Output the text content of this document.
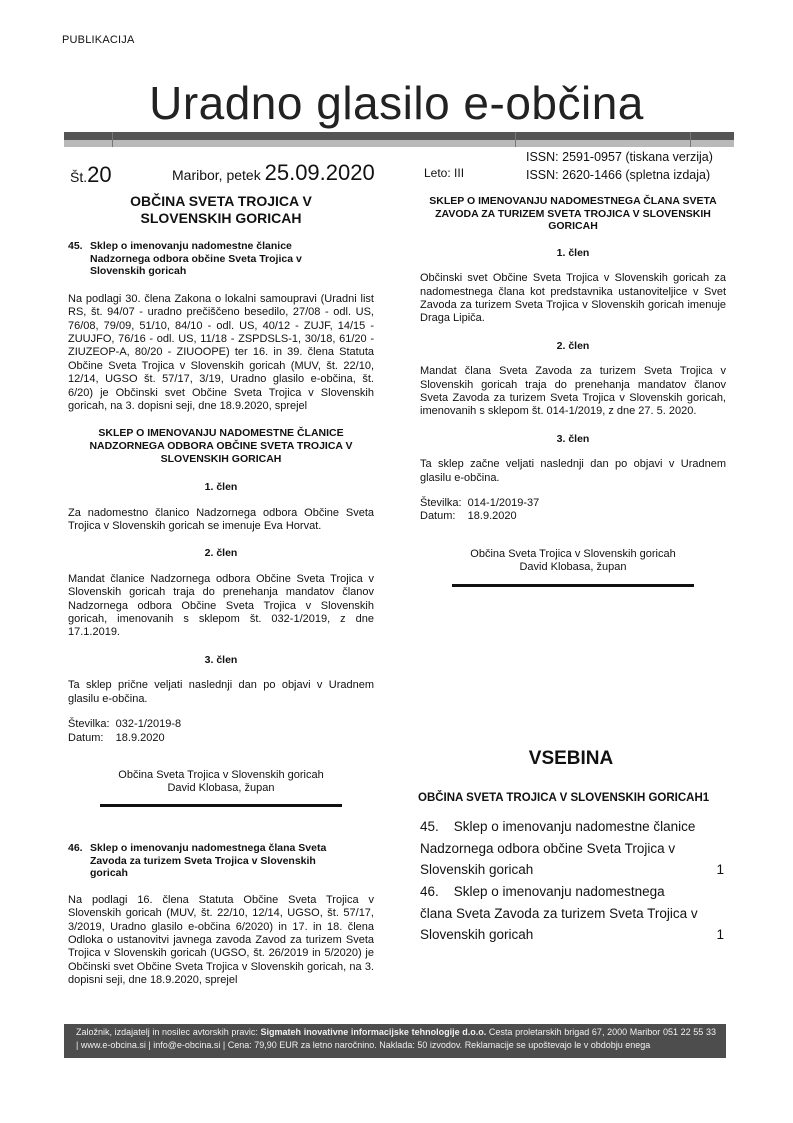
PUBLIKACIJA
Uradno glasilo e-občina
Št.20	Maribor, petek 25.09.2020	Leto: III
ISSN: 2591-0957 (tiskana verzija)
ISSN: 2620-1466 (spletna izdaja)
OBČINA SVETA TROJICA V SLOVENSKIH GORICAH
45. Sklep o imenovanju nadomestne članice Nadzornega odbora občine Sveta Trojica v Slovenskih goricah

Na podlagi 30. člena Zakona o lokalni samoupravi (Uradni list RS, št. 94/07 - uradno prečiščeno besedilo, 27/08 - odl. US, 76/08, 79/09, 51/10, 84/10 - odl. US, 40/12 - ZUJF, 14/15 - ZUUJFO, 76/16 - odl. US, 11/18 - ZSPDSLS-1, 30/18, 61/20 - ZIUZEOP-A, 80/20 - ZIUOOPE) ter 16. in 39. člena Statuta Občine Sveta Trojica v Slovenskih goricah (MUV, št. 22/10, 12/14, UGSO št. 57/17, 3/19, Uradno glasilo e-občina, št. 6/20) je Občinski svet Občine Sveta Trojica v Slovenskih goricah, na 3. dopisni seji, dne 18.9.2020, sprejel

SKLEP O IMENOVANJU NADOMESTNE ČLANICE NADZORNEGA ODBORA OBČINE SVETA TROJICA V SLOVENSKIH GORICAH
1. člen

Za nadomestno članico Nadzornega odbora Občine Sveta Trojica v Slovenskih goricah se imenuje Eva Horvat.

2. člen

Mandat članice Nadzornega odbora Občine Sveta Trojica v Slovenskih goricah traja do prenehanja mandatov članov Nadzornega odbora Občine Sveta Trojica v Slovenskih goricah, imenovanih s sklepom št. 032-1/2019, z dne 17.1.2019.

3. člen

Ta sklep prične veljati naslednji dan po objavi v Uradnem glasilu e-občina.

Številka:  032-1/2019-8
Datum:    18.9.2020
Občina Sveta Trojica v Slovenskih goricah
David Klobasa, župan
46. Sklep o imenovanju nadomestnega člana Sveta Zavoda za turizem Sveta Trojica v Slovenskih goricah

Na podlagi 16. člena Statuta Občine Sveta Trojica v Slovenskih goricah (MUV, št. 22/10, 12/14, UGSO, št. 57/17, 3/2019, Uradno glasilo e-občina 6/2020) in 17. in 18. člena Odloka o ustanovitvi javnega zavoda Zavod za turizem Sveta Trojica v Slovenskih goricah (UGSO, št. 26/2019 in 5/2020) je Občinski svet Občine Sveta Trojica v Slovenskih goricah, na 3. dopisni seji, dne 18.9.2020, sprejel

SKLEP O IMENOVANJU NADOMESTNEGA ČLANA SVETA ZAVODA ZA TURIZEM SVETA TROJICA V SLOVENSKIH GORICAH
1. člen

Občinski svet Občine Sveta Trojica v Slovenskih goricah za nadomestnega člana kot predstavnika ustanoviteljice v Svet Zavoda za turizem Sveta Trojica v Slovenskih goricah imenuje Draga Lipiča.

2. člen

Mandat člana Sveta Zavoda za turizem Sveta Trojica v Slovenskih goricah traja do prenehanja mandatov članov Sveta Zavoda za turizem Sveta Trojica v Slovenskih goricah, imenovanih s sklepom št. 014-1/2019, z dne 27. 5. 2020.

3. člen

Ta sklep začne veljati naslednji dan po objavi v Uradnem glasilu e-občina.

Številka:  014-1/2019-37
Datum:    18.9.2020
Občina Sveta Trojica v Slovenskih goricah
David Klobasa, župan
VSEBINA
OBČINA SVETA TROJICA V SLOVENSKIH GORICAH1
45.    Sklep o imenovanju nadomestne članice Nadzornega odbora občine Sveta Trojica v Slovenskih goricah	1
46.    Sklep o imenovanju nadomestnega člana Sveta Zavoda za turizem Sveta Trojica v Slovenskih goricah	1
Založnik, izdajatelj in nosilec avtorskih pravic: Sigmateh inovativne informacijske tehnologije d.o.o. Cesta proletarskih brigad 67, 2000 Maribor 051 22 55 33 | www.e-obcina.si | info@e-obcina.si | Cena: 79,90 EUR za letno naročnino. Naklada: 50 izvodov. Reklamacije se upoštevajo le v obdobju enega
